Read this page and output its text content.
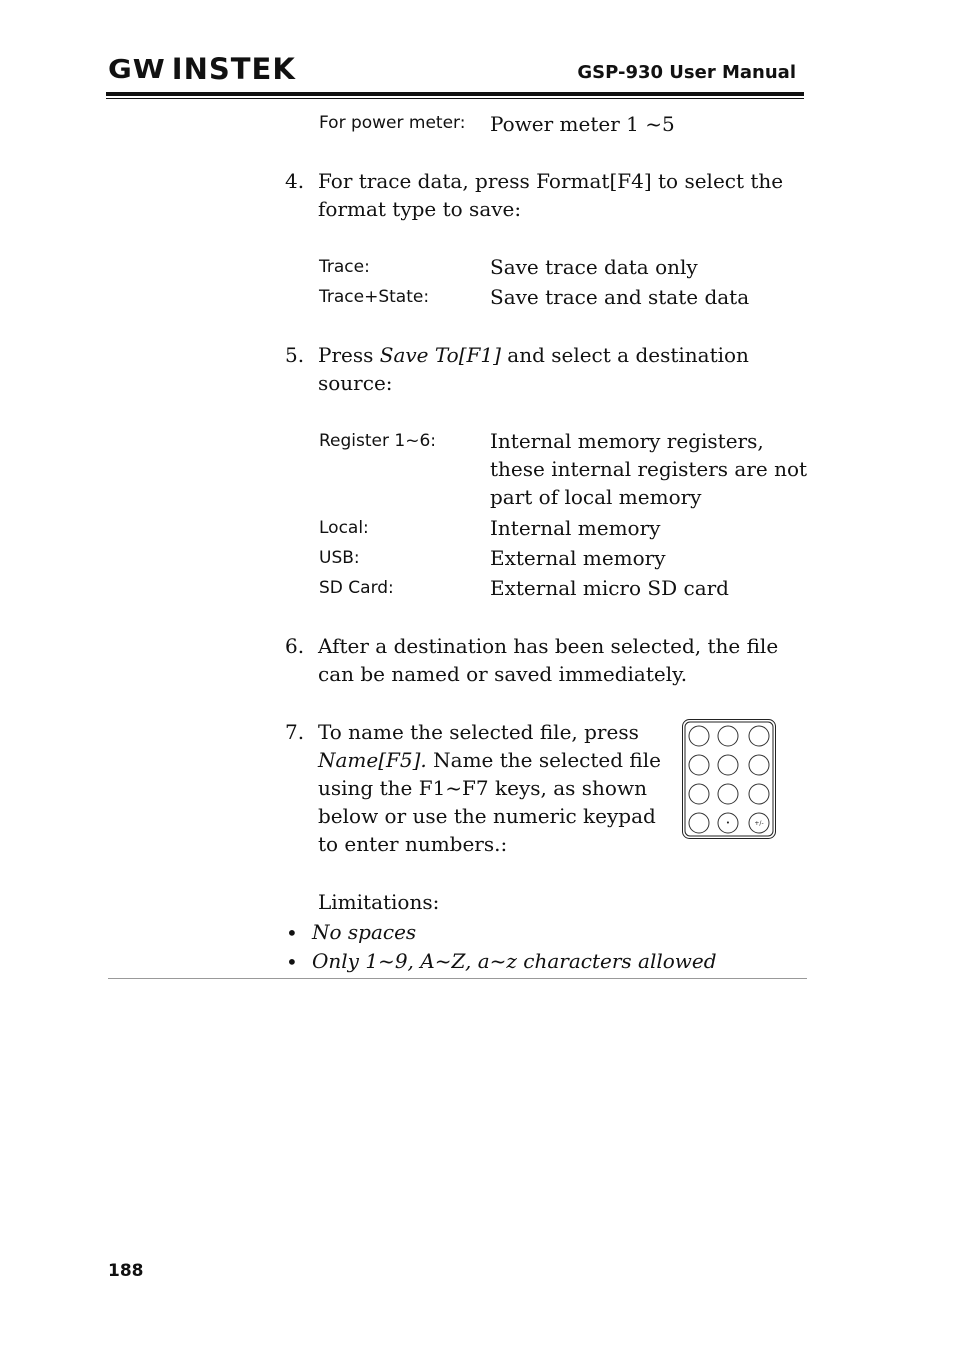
GW INSTEK	GSP-930 User Manual
For power meter: Power meter 1 ~5
4. For trace data, press Format[F4] to select the
format type to save:
Trace:	Save trace data only
Trace+State:	Save trace and state data
5. Press Save To[F1] and select a destination
source:
Register 1~6:	Internal memory registers,
these internal registers are not
part of local memory
Local:	Internal memory
USB:	External memory
SD Card:	External micro SD card
6. After a destination has been selected, the file
can be named or saved immediately.
7. To name the selected file, press
Name[F5]. Name the selected file
using the F1~F7 keys, as shown
below or use the numeric keypad
to enter numbers.:
•	+/-
Limitations:
• No spaces
• Only 1~9, A~Z, a~z characters allowed
188
